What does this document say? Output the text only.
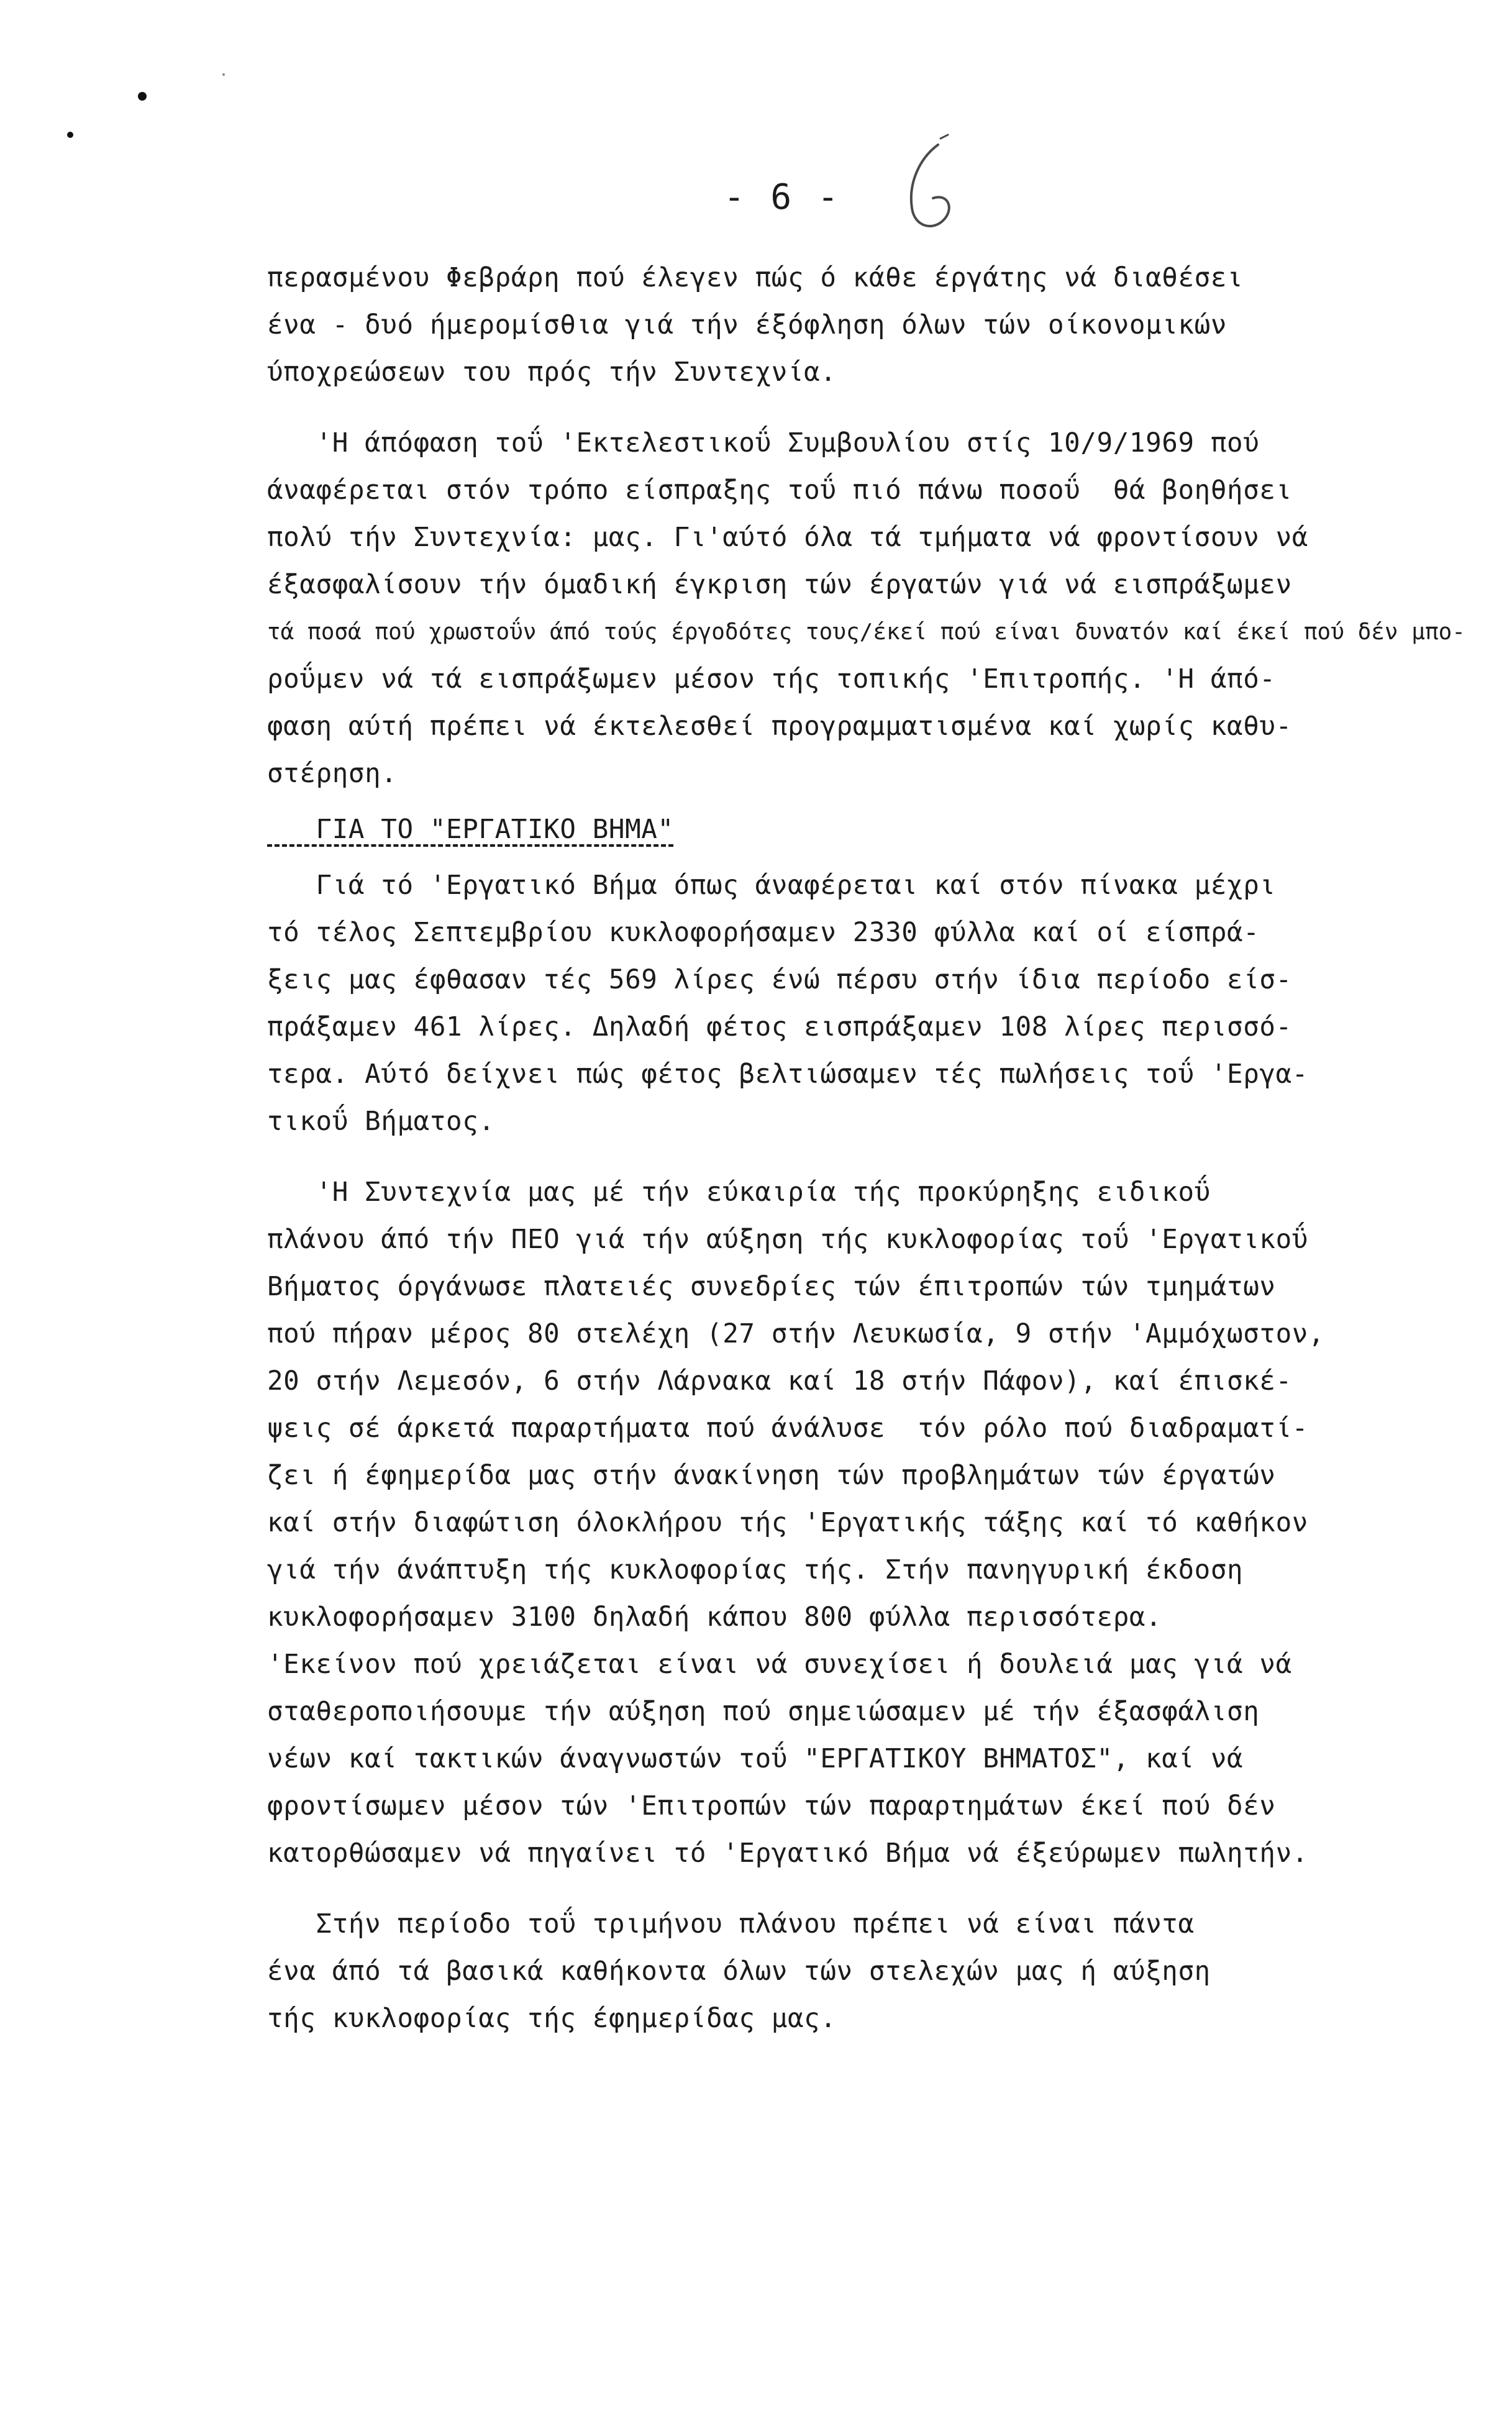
- 6 -
περασμένου Φεβράρη πού έλεγεν πώς ό κάθε έργάτης νά διαθέσει
ένα - δυό ήμερομίσθια γιά τήν έξόφληση όλων τών οίκονομικών
ύποχρεώσεων του πρός τήν Συντεχνία.
'Η άπόφαση τοΰ 'Εκτελεστικοΰ Συμβουλίου στίς 10/9/1969 πού
άναφέρεται στόν τρόπο είσπραξης τοΰ πιό πάνω ποσοΰ  θά βοηθήσει
πολύ τήν Συντεχνία: μας. Γι'αύτό όλα τά τμήματα νά φροντίσουν νά
έξασφαλίσουν τήν όμαδική έγκριση τών έργατών γιά νά εισπράξωμεν
τά ποσά πού χρωστοΰν άπό τούς έργοδότες τους/έκεί πού είναι δυνατόν καί έκεί πού δέν μπο-
ροΰμεν νά τά εισπράξωμεν μέσον τής τοπικής 'Επιτροπής. 'Η άπό-
φαση αύτή πρέπει νά έκτελεσθεί προγραμματισμένα καί χωρίς καθυ-
στέρηση.
ΓΙΑ ΤΟ "ΕΡΓΑΤΙΚΟ ΒΗΜΑ"
Γιά τό 'Εργατικό Βήμα όπως άναφέρεται καί στόν πίνακα μέχρι
τό τέλος Σεπτεμβρίου κυκλοφορήσαμεν 2330 φύλλα καί οί είσπρά-
ξεις μας έφθασαν τές 569 λίρες ένώ πέρσυ στήν ίδια περίοδο είσ-
πράξαμεν 461 λίρες. Δηλαδή φέτος εισπράξαμεν 108 λίρες περισσό-
τερα. Αύτό δείχνει πώς φέτος βελτιώσαμεν τές πωλήσεις τοΰ 'Εργα-
τικοΰ Βήματος.
'Η Συντεχνία μας μέ τήν εύκαιρία τής προκύρηξης ειδικοΰ
πλάνου άπό τήν ΠΕΟ γιά τήν αύξηση τής κυκλοφορίας τοΰ 'Εργατικοΰ
Βήματος όργάνωσε πλατειές συνεδρίες τών έπιτροπών τών τμημάτων
πού πήραν μέρος 80 στελέχη (27 στήν Λευκωσία, 9 στήν 'Αμμόχωστον,
20 στήν Λεμεσόν, 6 στήν Λάρνακα καί 18 στήν Πάφον), καί έπισκέ-
ψεις σέ άρκετά παραρτήματα πού άνάλυσε  τόν ρόλο πού διαδραματί-
ζει ή έφημερίδα μας στήν άνακίνηση τών προβλημάτων τών έργατών
καί στήν διαφώτιση όλοκλήρου τής 'Εργατικής τάξης καί τό καθήκον
γιά τήν άνάπτυξη τής κυκλοφορίας τής. Στήν πανηγυρική έκδοση
κυκλοφορήσαμεν 3100 δηλαδή κάπου 800 φύλλα περισσότερα.
'Εκείνον πού χρειάζεται είναι νά συνεχίσει ή δουλειά μας γιά νά
σταθεροποιήσουμε τήν αύξηση πού σημειώσαμεν μέ τήν έξασφάλιση
νέων καί τακτικών άναγνωστών τοΰ "ΕΡΓΑΤΙΚΟΥ ΒΗΜΑΤΟΣ", καί νά
φροντίσωμεν μέσον τών 'Επιτροπών τών παραρτημάτων έκεί πού δέν
κατορθώσαμεν νά πηγαίνει τό 'Εργατικό Βήμα νά έξεύρωμεν πωλητήν.
Στήν περίοδο τοΰ τριμήνου πλάνου πρέπει νά είναι πάντα
ένα άπό τά βασικά καθήκοντα όλων τών στελεχών μας ή αύξηση
τής κυκλοφορίας τής έφημερίδας μας.
